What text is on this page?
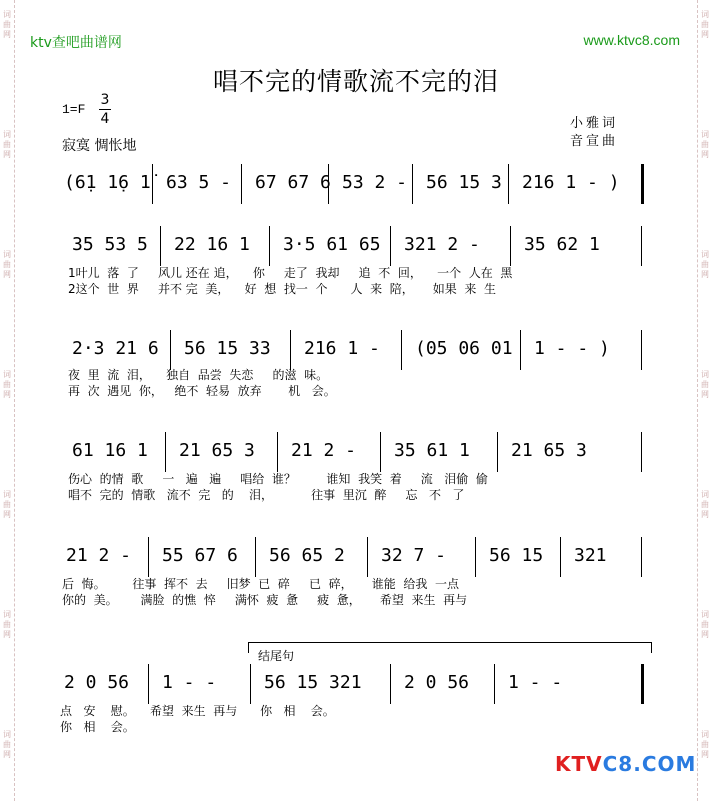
词曲网
词曲网
词曲网
词曲网
词曲网
词曲网
词曲网
词曲网
词曲网
词曲网
词曲网
词曲网
词曲网
词曲网
ktv查吧曲谱网	www.ktvc8.com
唱不完的情歌流不完的泪
1=F
3
4
寂寞 惆怅地
小雅词
音宣曲
(6̣1 1̣6 1̇ 63 5 - 67 67 6 53 2 - 56 15 3 216 1 - )
35 53 5 22 16 1 3·5 61 65 321 2 - 35 62 1
1叶儿  落  了     风儿 还在 追，    你     走了  我却     追  不  回，    一个  人在  黑
2这个  世  界     并不 完  美，    好  想  找一  个      人  来  陪，     如果  来  生
2·3 21 6 56 15 33 216 1 - (05 06 01 1 - - )
夜  里  流  泪，    独自  品尝  失恋     的滋  味。
再  次  遇见  你，   绝不  轻易  放弃       机   会。
61 16 1 21 65 3 21 2 - 35 61 1 21 65 3
伤心  的情  歌     一   遍   遍     唱给  谁？        谁知  我笑  着     流   泪偷  偷
唱不  完的  情歌   流不  完   的    泪，          往事  里沉  醉     忘   不   了
21 2 - 55 67 6 56 65 2 32 7 - 56 15 321
后  悔。       往事  挥不  去     旧梦  已  碎     已  碎，     谁能  给我  一点
你的  美。      满脸  的憔  悴     满怀  疲  惫     疲  惫，     希望  来生  再与
2 0 56 1 - -	56 15 321 2 0 56 1 - -
点   安    慰。    希望  来生  再与      你   相    会。
你   相    会。
结尾句
KTVC8.COM
